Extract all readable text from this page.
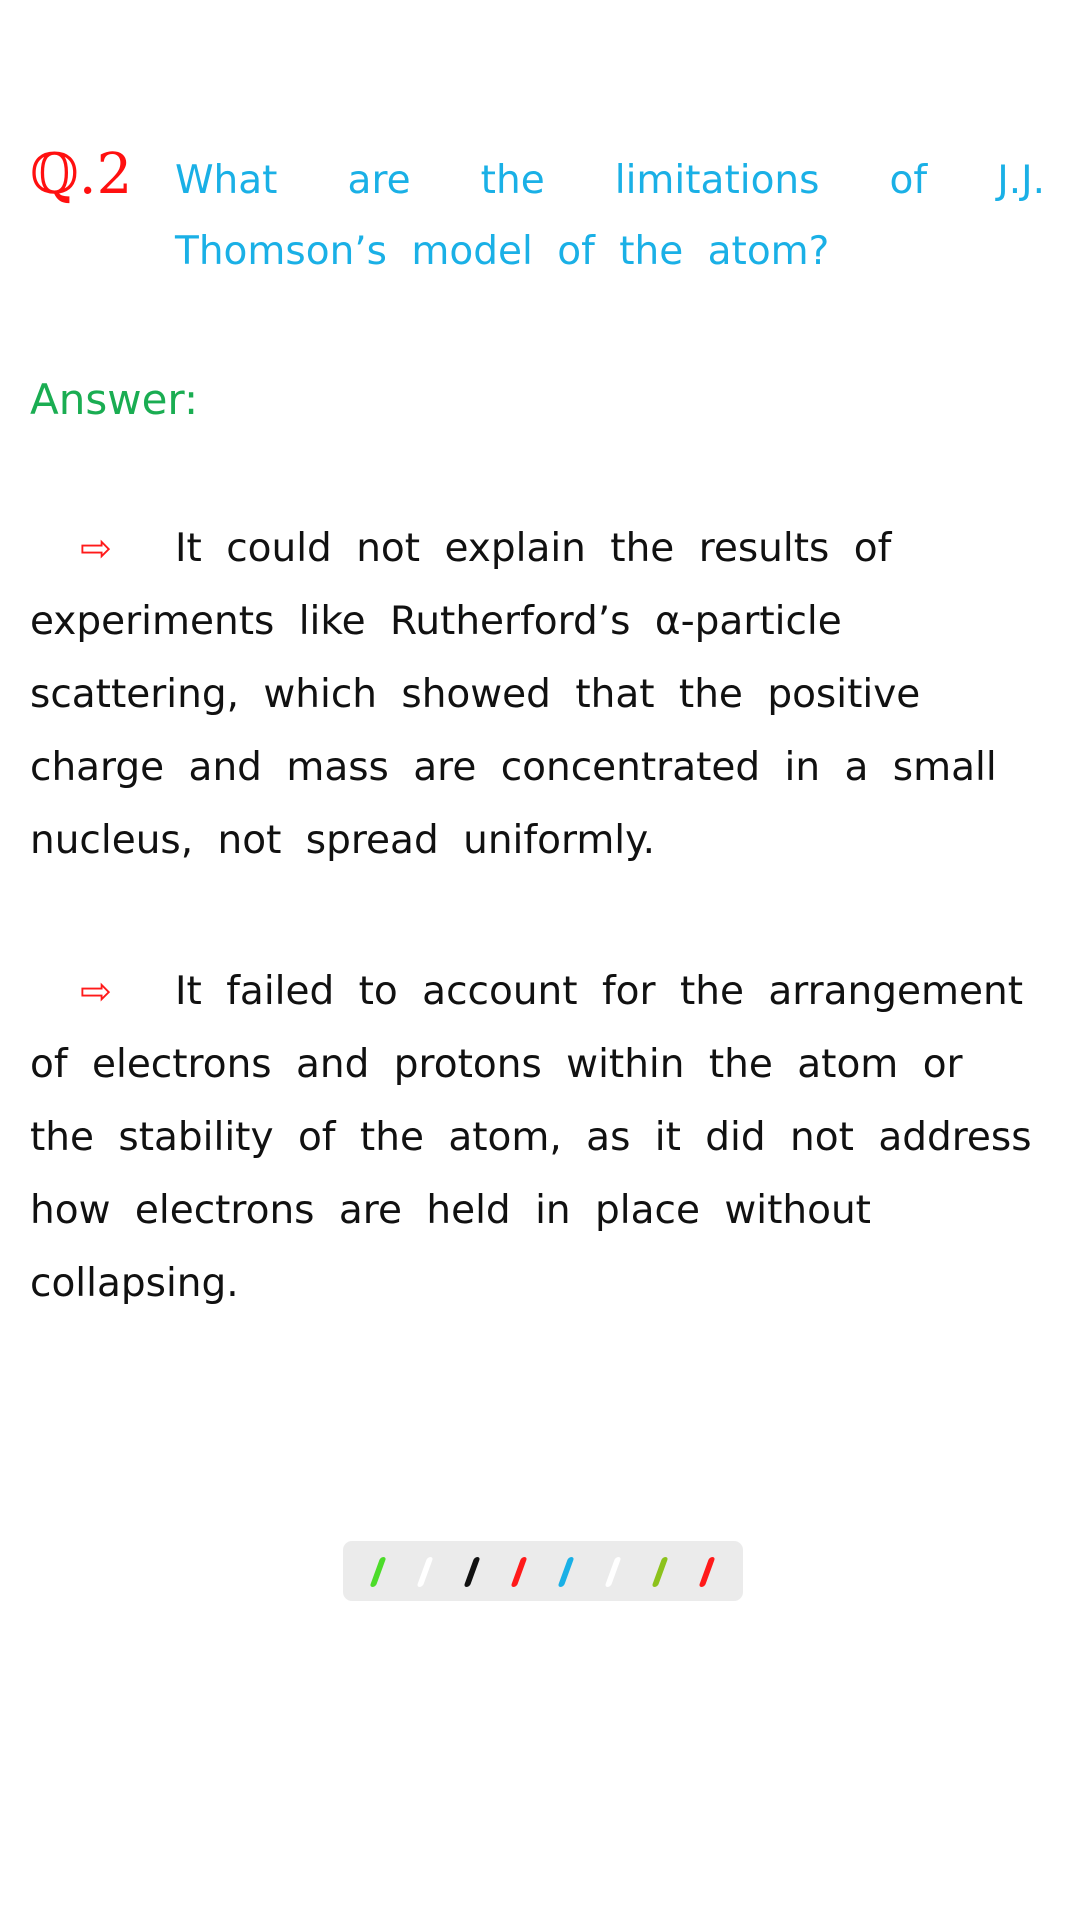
ℚ.2 What are the limitations of J.J. Thomson’s model of the atom?
Answer:
⇨ It could not explain the results of experiments like Rutherford’s α-particle scattering, which showed that the positive charge and mass are concentrated in a small nucleus, not spread uniformly.
⇨ It failed to account for the arrangement of electrons and protons within the atom or the stability of the atom, as it did not address how electrons are held in place without collapsing.
